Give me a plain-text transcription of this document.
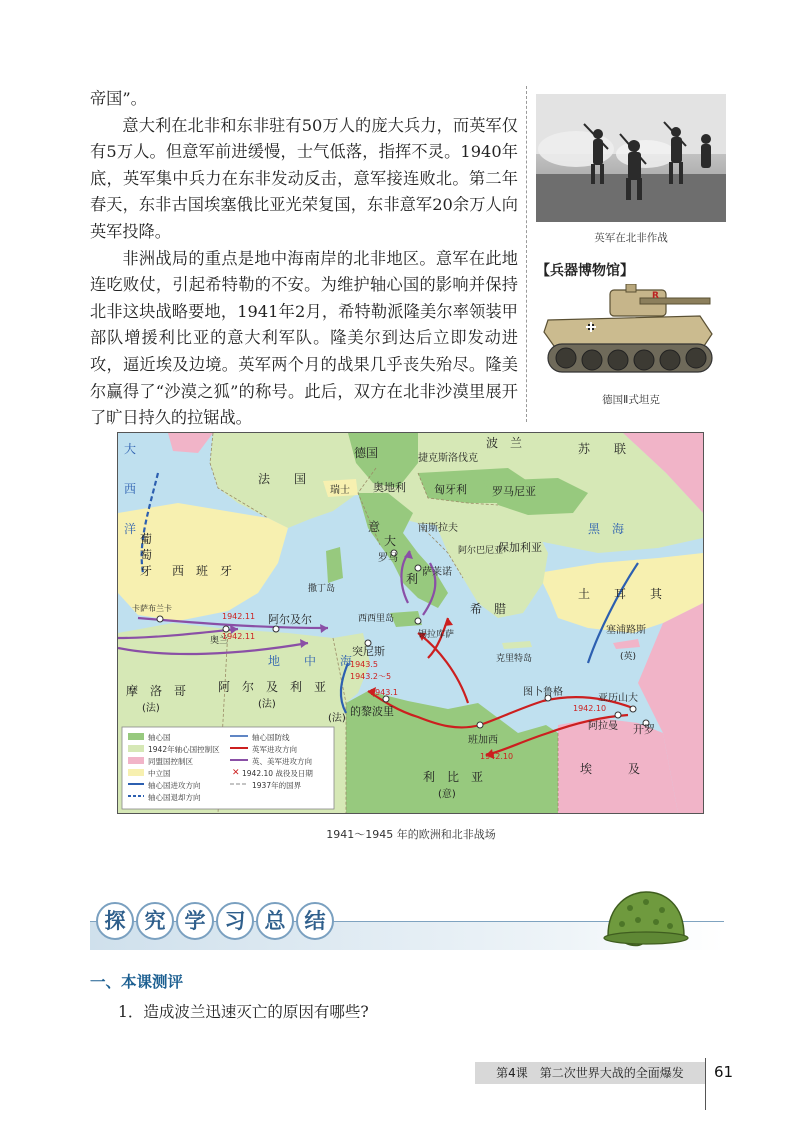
帝国”。

意大利在北非和东非驻有50万人的庞大兵力，而英军仅有5万人。但意军前进缓慢，士气低落，指挥不灵。1940年底，英军集中兵力在东非发动反击，意军接连败北。第二年春天，东非古国埃塞俄比亚光荣复国，东非意军20余万人向英军投降。

非洲战局的重点是地中海南岸的北非地区。意军在此地连吃败仗，引起希特勒的不安。为维护轴心国的影响并保持北非这块战略要地，1941年2月，希特勒派隆美尔率领装甲部队增援利比亚的意大利军队。隆美尔到达后立即发动进攻，逼近埃及边境。英军两个月的战果几乎丧失殆尽。隆美尔赢得了“沙漠之狐”的称号。此后，双方在北非沙漠里展开了旷日持久的拉锯战。

英军在北非作战
【兵器博物馆】
R
德国Ⅱ式坦克
大
西
洋
德国
波　兰	苏　　联
捷克斯洛伐克
法　　国
瑞士 奥地利	匈牙利 罗马尼亚
葡
萄
牙 西　班　牙
意
大
利
南斯拉夫
阿尔巴尼亚
保加利亚
希　腊
黑　海
土　　耳　　其
罗马
萨莱诺
撒丁岛
西西里岛
锡拉库萨
卡萨布兰卡
奥兰
阿尔及尔
突尼斯
摩　洛　哥
(法)
阿　尔　及　利　亚
(法)
(法)
地　　中　　海	克里特岛
塞浦路斯
(英)
的黎波里
班加西
图卜鲁格
阿拉曼
亚历山大
开罗
埃　　　及
利　比　亚
(意)
1942.11
1942.11
1943.5
1943.2～5
1943.1
1942.10
1942.10
✕
轴心国
1942年轴心国控制区
同盟国控制区
中立国
轴心国进攻方向
轴心国退却方向
轴心国防线
英军进攻方向
英、美军进攻方向
1942.10 战役及日期
1937年的国界
1941～1945 年的欧洲和北非战场
探 究 学 习 总 结
一、本课测评
1．造成波兰迅速灭亡的原因有哪些?
第4课　第二次世界大战的全面爆发	61
